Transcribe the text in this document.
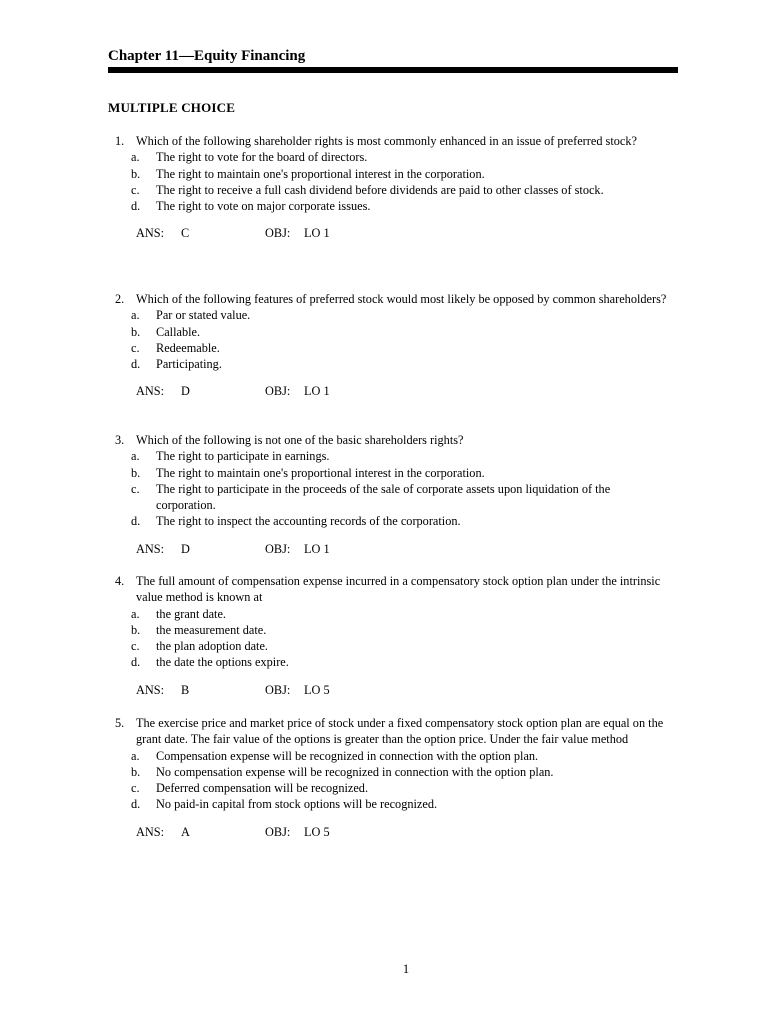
Chapter 11—Equity Financing
MULTIPLE CHOICE
1. Which of the following shareholder rights is most commonly enhanced in an issue of preferred stock?
a. The right to vote for the board of directors.
b. The right to maintain one's proportional interest in the corporation.
c. The right to receive a full cash dividend before dividends are paid to other classes of stock.
d. The right to vote on major corporate issues.
ANS: C	OBJ: LO 1
2. Which of the following features of preferred stock would most likely be opposed by common shareholders?
a. Par or stated value.
b. Callable.
c. Redeemable.
d. Participating.
ANS: D	OBJ: LO 1
3. Which of the following is not one of the basic shareholders rights?
a. The right to participate in earnings.
b. The right to maintain one's proportional interest in the corporation.
c. The right to participate in the proceeds of the sale of corporate assets upon liquidation of the corporation.
d. The right to inspect the accounting records of the corporation.
ANS: D	OBJ: LO 1
4. The full amount of compensation expense incurred in a compensatory stock option plan under the intrinsic value method is known at
a. the grant date.
b. the measurement date.
c. the plan adoption date.
d. the date the options expire.
ANS: B	OBJ: LO 5
5. The exercise price and market price of stock under a fixed compensatory stock option plan are equal on the grant date. The fair value of the options is greater than the option price. Under the fair value method
a. Compensation expense will be recognized in connection with the option plan.
b. No compensation expense will be recognized in connection with the option plan.
c. Deferred compensation will be recognized.
d. No paid-in capital from stock options will be recognized.
ANS: A	OBJ: LO 5
1
